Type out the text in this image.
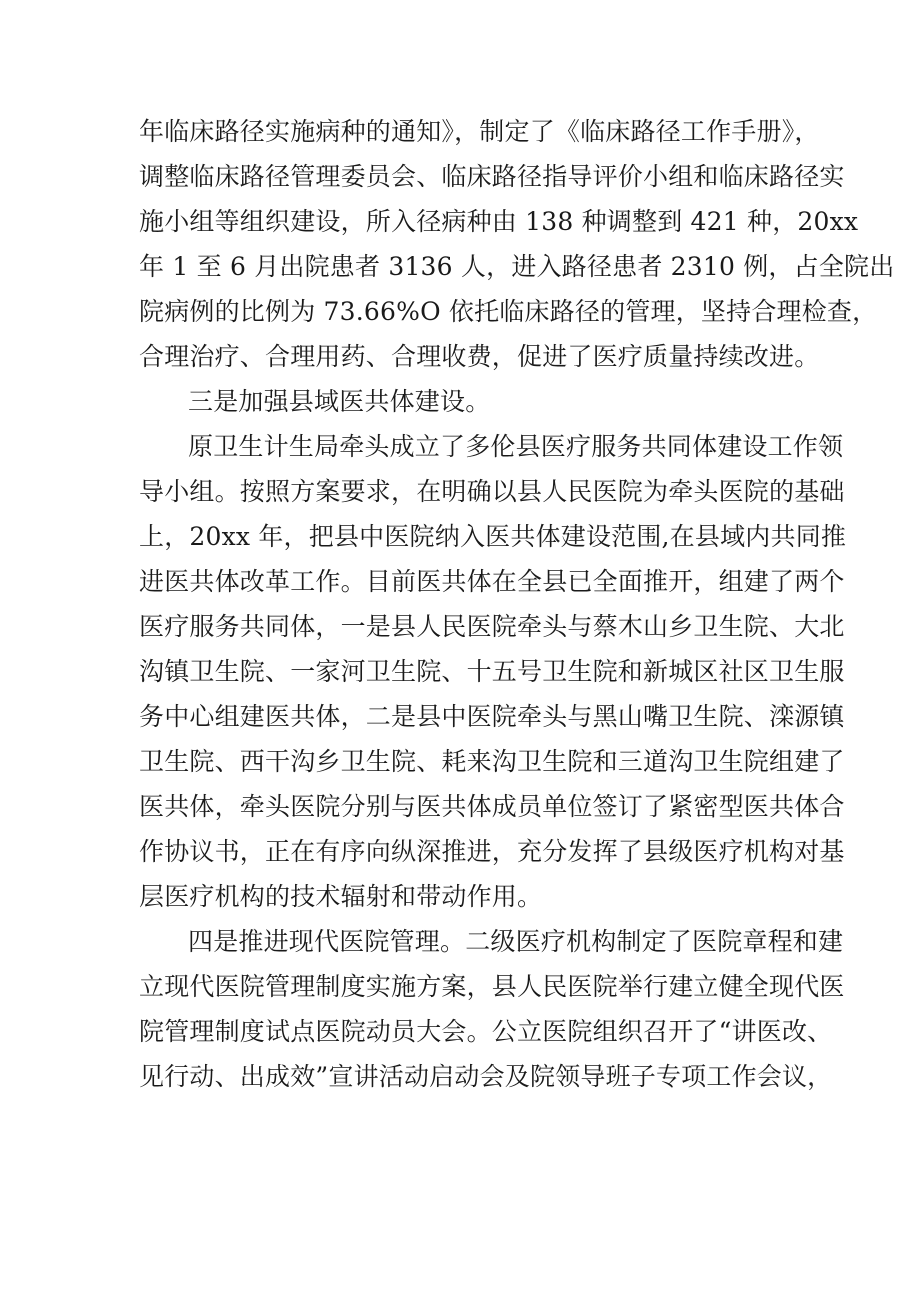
年临床路径实施病种的通知》，制定了《临床路径工作手册》，
调整临床路径管理委员会、临床路径指导评价小组和临床路径实
施小组等组织建设，所入径病种由 138 种调整到 421 种，20xx
年 1 至 6 月出院患者 3136 人，进入路径患者 2310 例，占全院出
院病例的比例为 73.66%O 依托临床路径的管理，坚持合理检查，
合理治疗、合理用药、合理收费，促进了医疗质量持续改进。
三是加强县域医共体建设。
原卫生计生局牵头成立了多伦县医疗服务共同体建设工作领
导小组。按照方案要求，在明确以县人民医院为牵头医院的基础
上，20xx 年，把县中医院纳入医共体建设范围,在县域内共同推
进医共体改革工作。目前医共体在全县已全面推开，组建了两个
医疗服务共同体，一是县人民医院牵头与蔡木山乡卫生院、大北
沟镇卫生院、一家河卫生院、十五号卫生院和新城区社区卫生服
务中心组建医共体，二是县中医院牵头与黑山嘴卫生院、滦源镇
卫生院、西干沟乡卫生院、耗来沟卫生院和三道沟卫生院组建了
医共体，牵头医院分别与医共体成员单位签订了紧密型医共体合
作协议书，正在有序向纵深推进，充分发挥了县级医疗机构对基
层医疗机构的技术辐射和带动作用。
四是推进现代医院管理。二级医疗机构制定了医院章程和建
立现代医院管理制度实施方案，县人民医院举行建立健全现代医
院管理制度试点医院动员大会。公立医院组织召开了“讲医改、
见行动、出成效”宣讲活动启动会及院领导班子专项工作会议，
